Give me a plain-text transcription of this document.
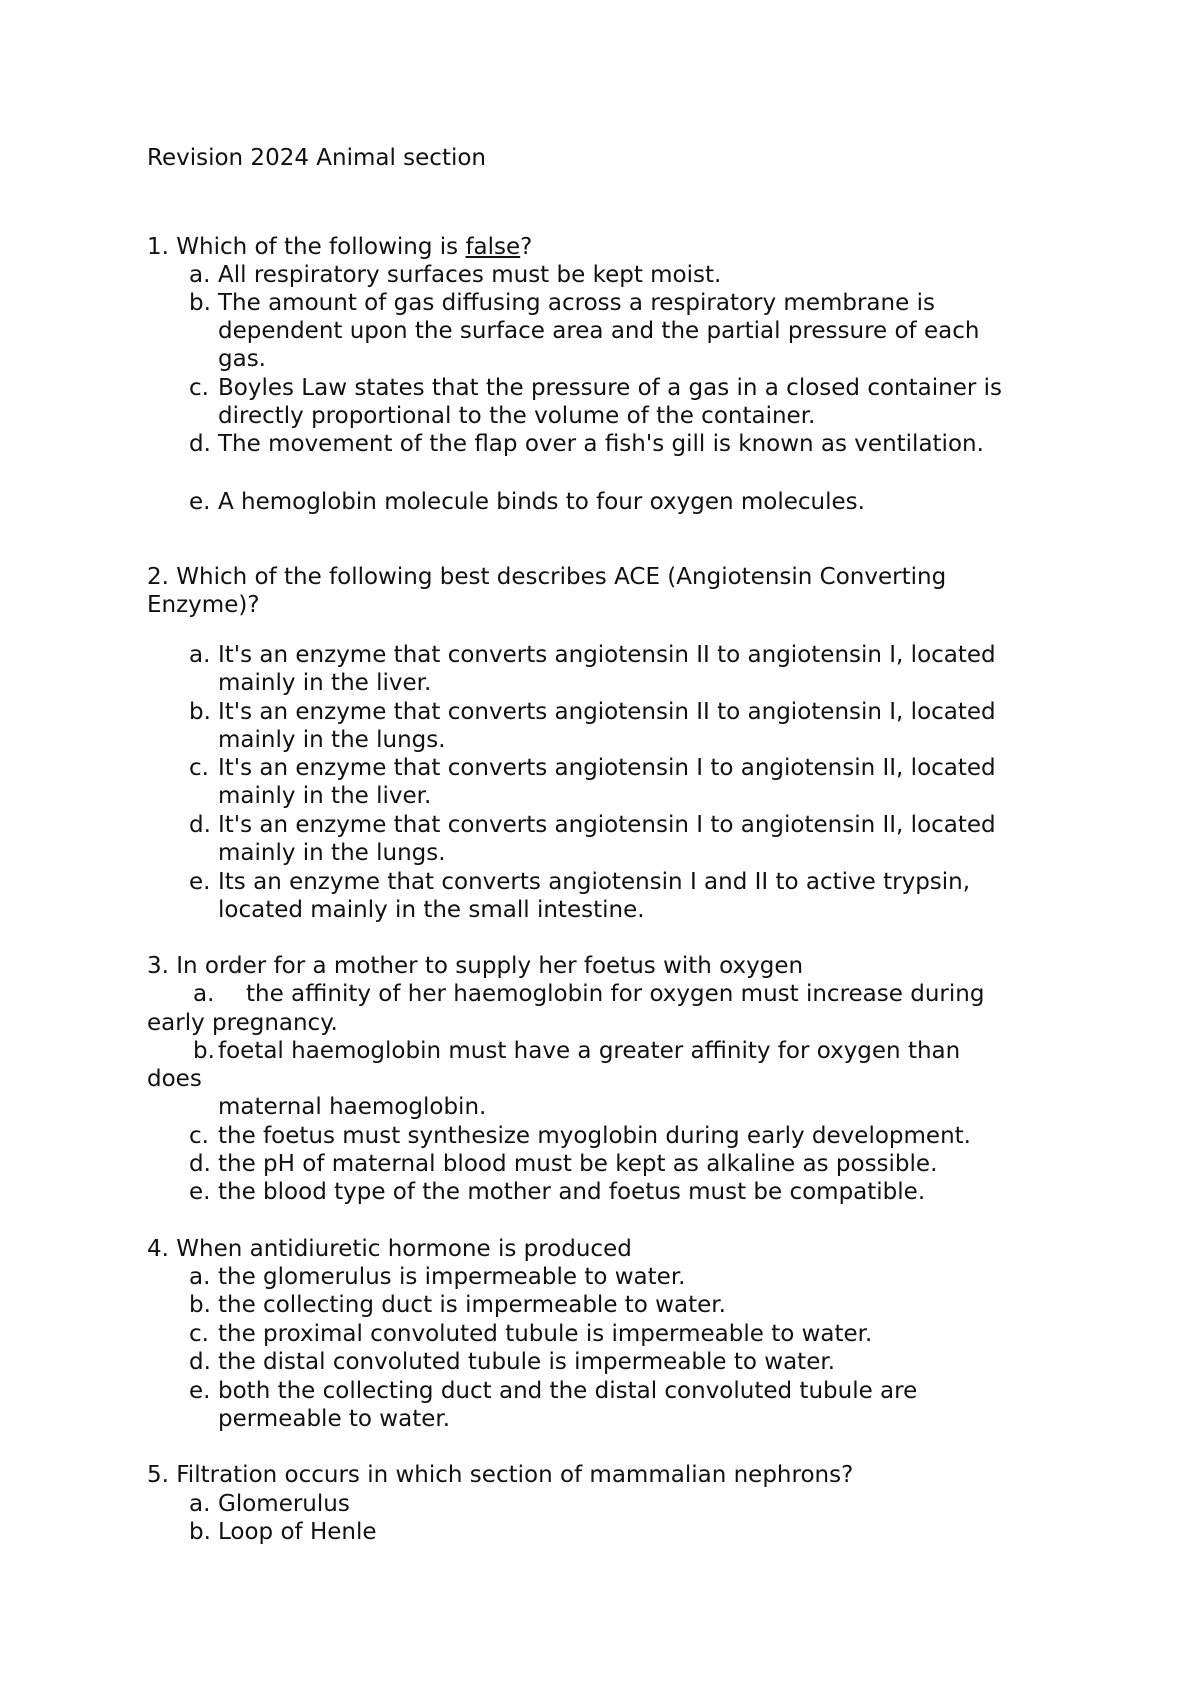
Revision 2024 Animal section
1. Which of the following is false?
a. All respiratory surfaces must be kept moist.
b. The amount of gas diffusing across a respiratory membrane is
dependent upon the surface area and the partial pressure of each
gas.
c. Boyles Law states that the pressure of a gas in a closed container is
directly proportional to the volume of the container.
d. The movement of the flap over a fish's gill is known as ventilation.
e. A hemoglobin molecule binds to four oxygen molecules.
2. Which of the following best describes ACE (Angiotensin Converting
Enzyme)?
a. It's an enzyme that converts angiotensin II to angiotensin I, located
mainly in the liver.
b. It's an enzyme that converts angiotensin II to angiotensin I, located
mainly in the lungs.
c. It's an enzyme that converts angiotensin I to angiotensin II, located
mainly in the liver.
d. It's an enzyme that converts angiotensin I to angiotensin II, located
mainly in the lungs.
e. Its an enzyme that converts angiotensin I and II to active trypsin,
located mainly in the small intestine.
3. In order for a mother to supply her foetus with oxygen
a. the affinity of her haemoglobin for oxygen must increase during
early pregnancy.
b. foetal haemoglobin must have a greater affinity for oxygen than
does
maternal haemoglobin.
c. the foetus must synthesize myoglobin during early development.
d. the pH of maternal blood must be kept as alkaline as possible.
e. the blood type of the mother and foetus must be compatible.
4. When antidiuretic hormone is produced
a. the glomerulus is impermeable to water.
b. the collecting duct is impermeable to water.
c. the proximal convoluted tubule is impermeable to water.
d. the distal convoluted tubule is impermeable to water.
e. both the collecting duct and the distal convoluted tubule are
permeable to water.
5. Filtration occurs in which section of mammalian nephrons?
a. Glomerulus
b. Loop of Henle
